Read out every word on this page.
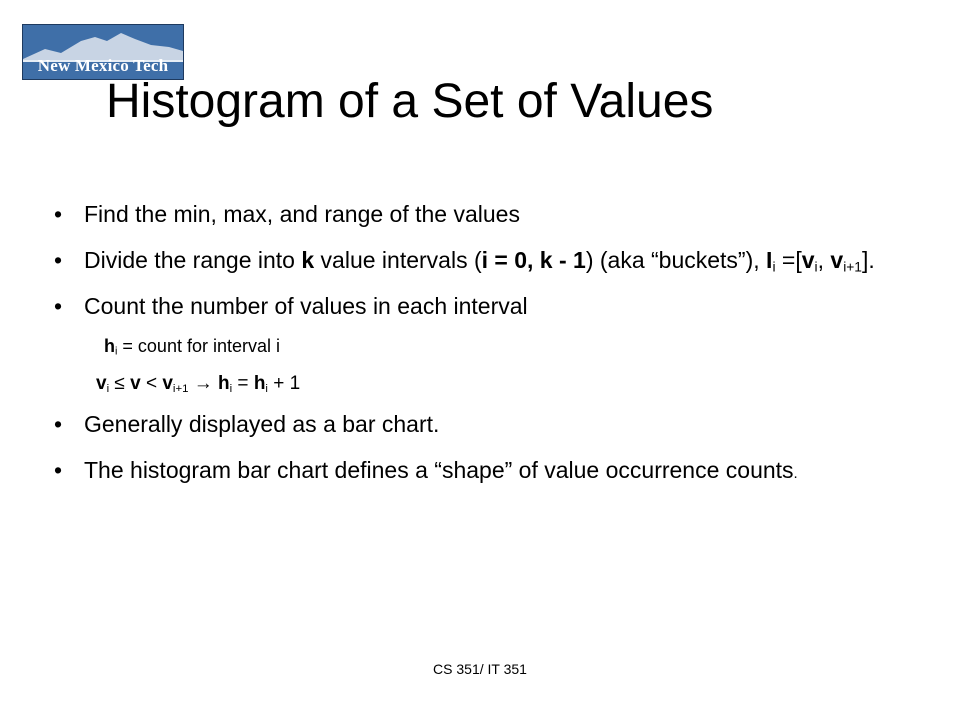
New Mexico Tech
Histogram of a Set of Values
• Find the min, max, and range of the values
• Divide the range into k value intervals (i = 0, k - 1) (aka “buckets”), $I_i =[v_i$, $v_{i+1}$].
• Count the number of values in each interval
$h_i$ = count for interval i
$v_i \le v < v_{i+1} \to h_i = h_i + 1$
• Generally displayed as a bar chart.
• The histogram bar chart defines a “shape” of value occurrence counts.
CS 351/ IT 351
